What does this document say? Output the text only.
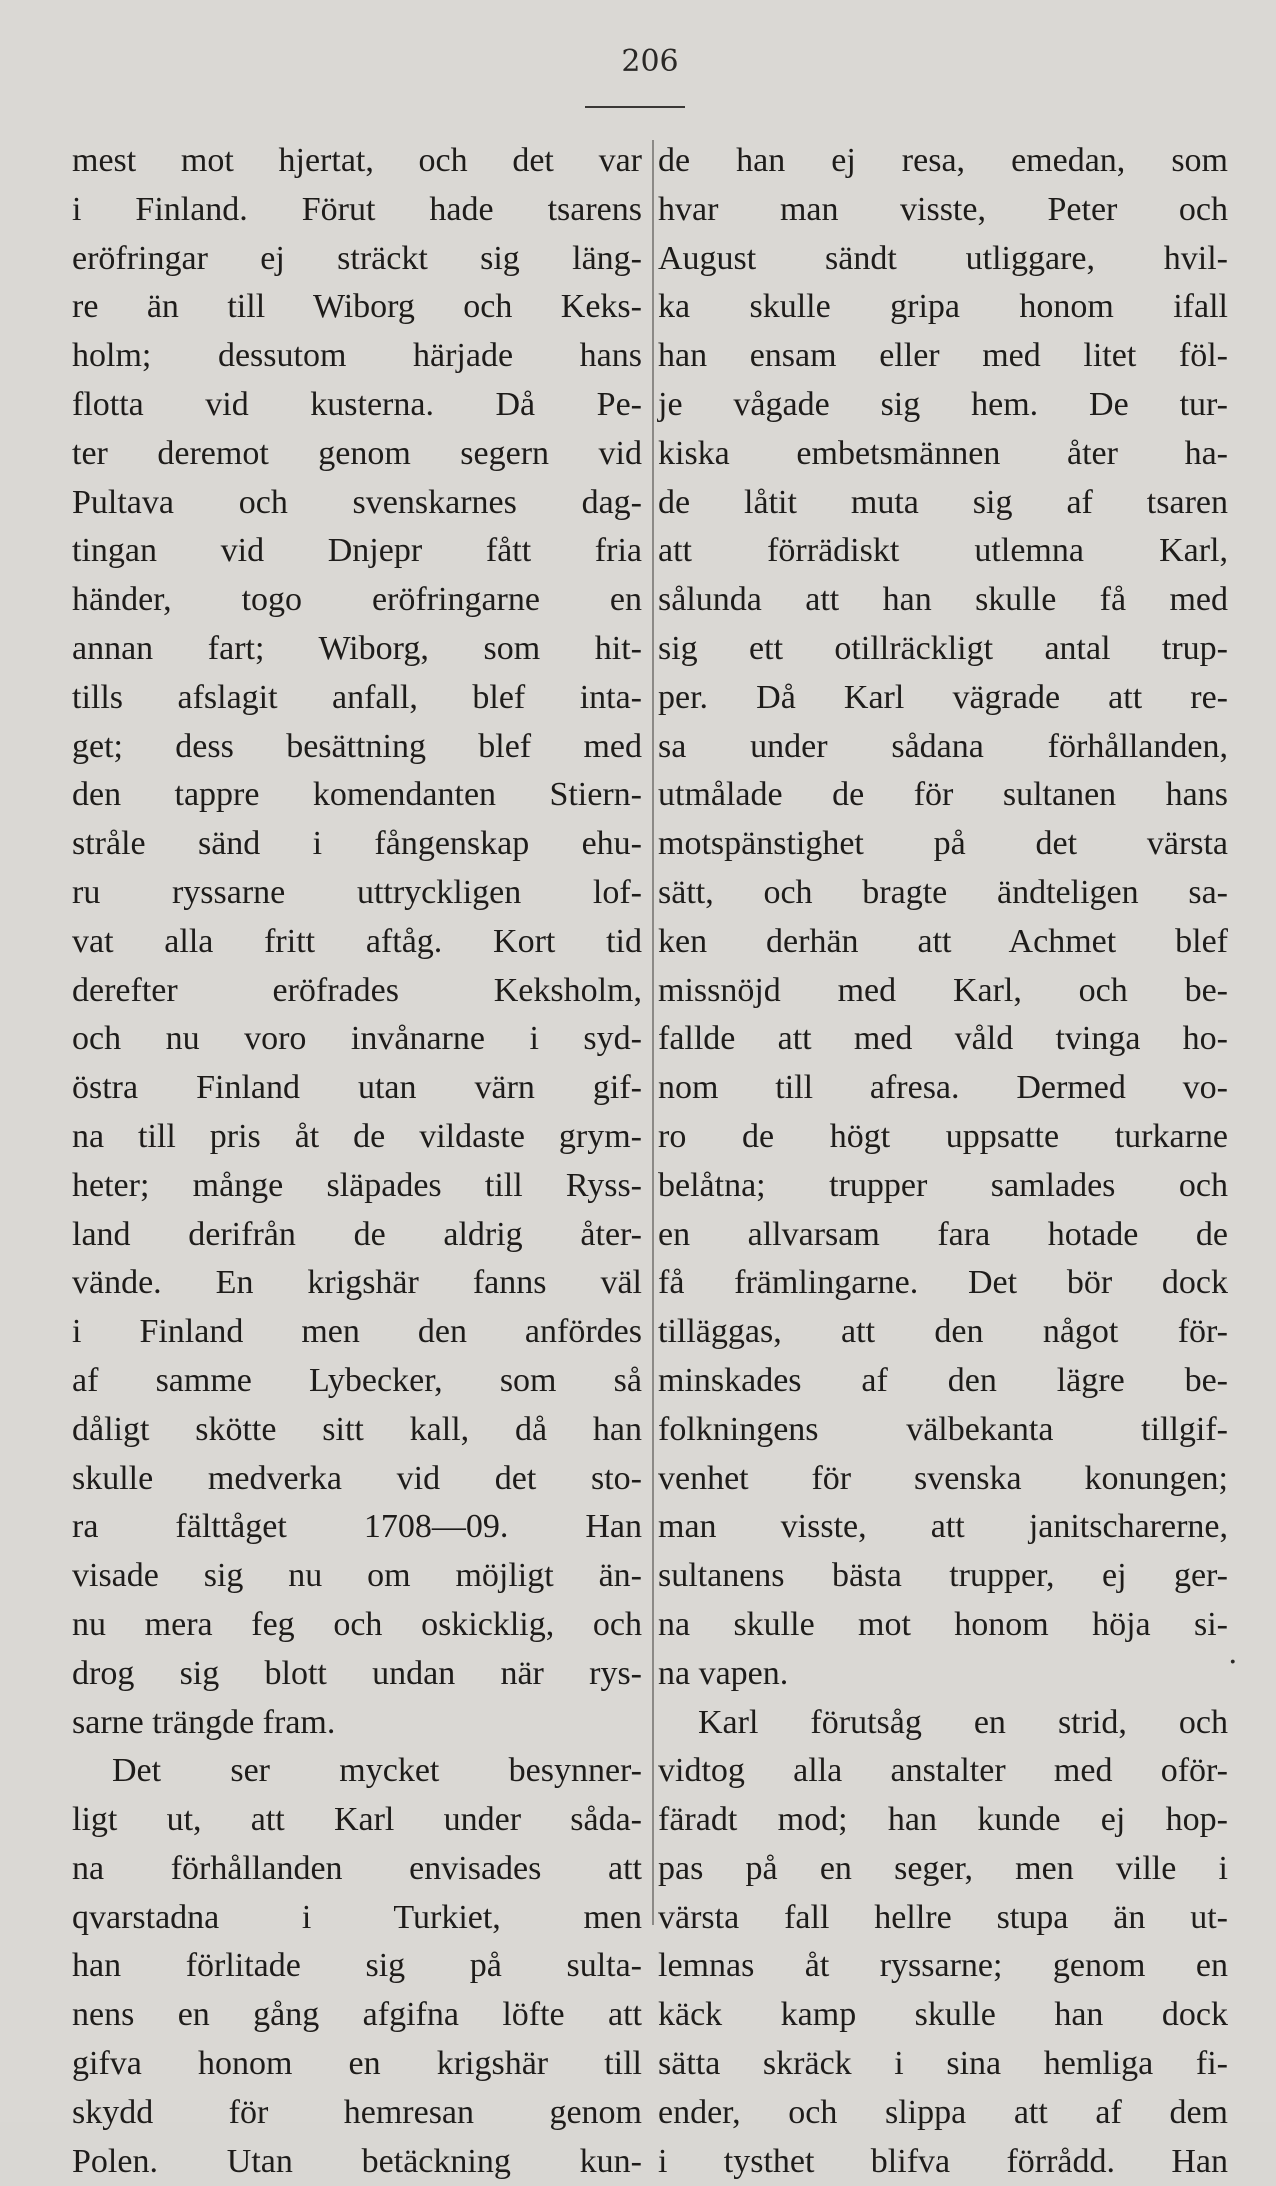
206
mest mot hjertat, och det var
i Finland. Förut hade tsarens
eröfringar ej sträckt sig läng-
re än till Wiborg och Keks-
holm; dessutom härjade hans
flotta vid kusterna. Då Pe-
ter deremot genom segern vid
Pultava och svenskarnes dag-
tingan vid Dnjepr fått fria
händer, togo eröfringarne en
annan fart; Wiborg, som hit-
tills afslagit anfall, blef inta-
get; dess besättning blef med
den tappre komendanten Stiern-
stråle sänd i fångenskap ehu-
ru ryssarne uttryckligen lof-
vat alla fritt aftåg. Kort tid
derefter eröfrades Keksholm,
och nu voro invånarne i syd-
östra Finland utan värn gif-
na till pris åt de vildaste grym-
heter; månge släpades till Ryss-
land derifrån de aldrig åter-
vände. En krigshär fanns väl
i Finland men den anfördes
af samme Lybecker, som så
dåligt skötte sitt kall, då han
skulle medverka vid det sto-
ra fälttåget 1708—09. Han
visade sig nu om möjligt än-
nu mera feg och oskicklig, och
drog sig blott undan när rys-
sarne trängde fram.
Det ser mycket besynner-
ligt ut, att Karl under såda-
na förhållanden envisades att
qvarstadna i Turkiet, men
han förlitade sig på sulta-
nens en gång afgifna löfte att
gifva honom en krigshär till
skydd för hemresan genom
Polen. Utan betäckning kun-
de han ej resa, emedan, som
hvar man visste, Peter och
August sändt utliggare, hvil-
ka skulle gripa honom ifall
han ensam eller med litet föl-
je vågade sig hem. De tur-
kiska embetsmännen åter ha-
de låtit muta sig af tsaren
att förrädiskt utlemna Karl,
sålunda att han skulle få med
sig ett otillräckligt antal trup-
per. Då Karl vägrade att re-
sa under sådana förhållanden,
utmålade de för sultanen hans
motspänstighet på det värsta
sätt, och bragte ändteligen sa-
ken derhän att Achmet blef
missnöjd med Karl, och be-
fallde att med våld tvinga ho-
nom till afresa. Dermed vo-
ro de högt uppsatte turkarne
belåtna; trupper samlades och
en allvarsam fara hotade de
få främlingarne. Det bör dock
tilläggas, att den något för-
minskades af den lägre be-
folkningens välbekanta tillgif-
venhet för svenska konungen;
man visste, att janitscharerne,
sultanens bästa trupper, ej ger-
na skulle mot honom höja si-
na vapen.
Karl förutsåg en strid, och
vidtog alla anstalter med oför-
färadt mod; han kunde ej hop-
pas på en seger, men ville i
värsta fall hellre stupa än ut-
lemnas åt ryssarne; genom en
käck kamp skulle han dock
sätta skräck i sina hemliga fi-
ender, och slippa att af dem
i tysthet blifva förrådd. Han
.
